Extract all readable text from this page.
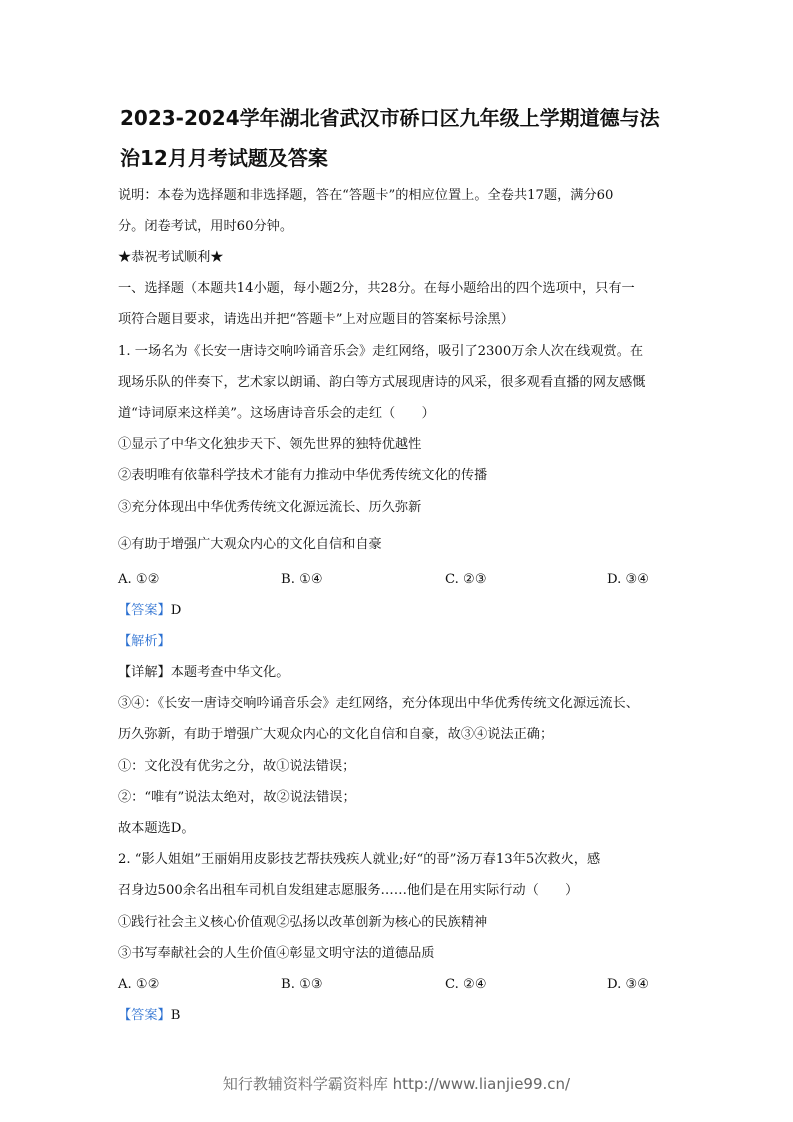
2023-2024学年湖北省武汉市硚口区九年级上学期道德与法
治12月月考试题及答案
说明：本卷为选择题和非选择题，答在“答题卡”的相应位置上。全卷共17题，满分60
分。闭卷考试，用时60分钟。
★恭祝考试顺利★
一、选择题（本题共14小题，每小题2分，共28分。在每小题给出的四个选项中，只有一
项符合题目要求，请选出并把“答题卡”上对应题目的答案标号涂黑）
1. 一场名为《长安一唐诗交响吟诵音乐会》走红网络，吸引了2300万余人次在线观赏。在
现场乐队的伴奏下，艺术家以朗诵、韵白等方式展现唐诗的风采，很多观看直播的网友感慨
道“诗词原来这样美”。这场唐诗音乐会的走红（　　）
①显示了中华文化独步天下、领先世界的独特优越性
②表明唯有依靠科学技术才能有力推动中华优秀传统文化的传播
③充分体现出中华优秀传统文化源远流长、历久弥新
④有助于增强广大观众内心的文化自信和自豪
A. ①②	B. ①④	C. ②③	D. ③④
【答案】D
【解析】
【详解】本题考查中华文化。
③④：《长安一唐诗交响吟诵音乐会》走红网络，充分体现出中华优秀传统文化源远流长、
历久弥新，有助于增强广大观众内心的文化自信和自豪，故③④说法正确；
①：文化没有优劣之分，故①说法错误；
②：“唯有”说法太绝对，故②说法错误；
故本题选D。
2. “影人姐姐”王丽娟用皮影技艺帮扶残疾人就业;好“的哥”汤万春13年5次救火，感
召身边500余名出租车司机自发组建志愿服务……他们是在用实际行动（　　）
①践行社会主义核心价值观②弘扬以改革创新为核心的民族精神
③书写奉献社会的人生价值④彰显文明守法的道德品质
A. ①②	B. ①③	C. ②④	D. ③④
【答案】B
知行教辅资料学霸资料库 http://www.lianjie99.cn/
